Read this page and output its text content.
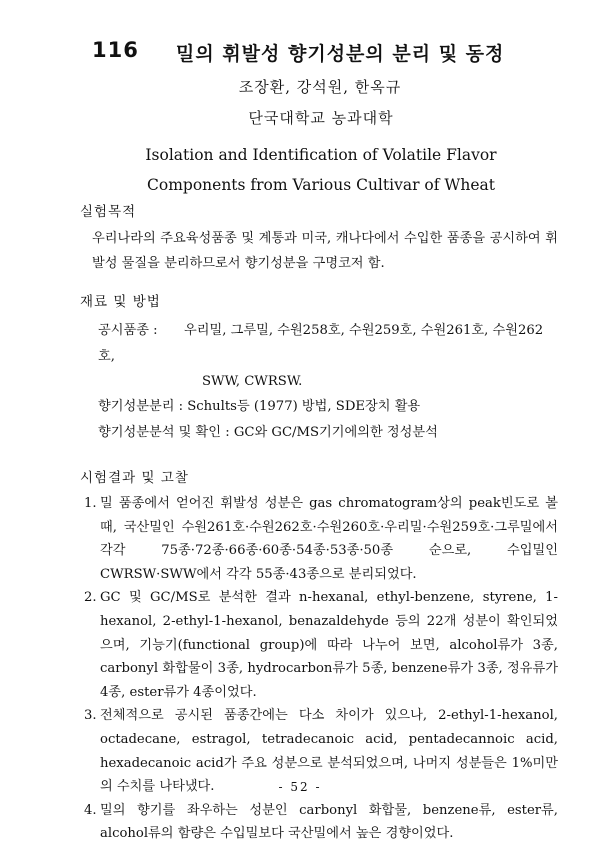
116 밀의 휘발성 향기성분의 분리 및 동정
조장환, 강석원, 한옥규
단국대학교 농과대학
Isolation and Identification of Volatile Flavor
Components from Various Cultivar of Wheat

실험목적

우리나라의 주요육성품종 및 계통과 미국, 캐나다에서 수입한 품종을 공시하여 휘발성 물질을 분리하므로서 향기성분을 구명코저 함.

재료 및 방법

공시품종 : 우리밀, 그루밀, 수원258호, 수원259호, 수원261호, 수원262호,
SWW, CWRSW.
향기성분분리 : Schults등 (1977) 방법, SDE장치 활용
향기성분분석 및 확인 : GC와 GC/MS기기에의한 정성분석

시험결과 및 고찰

1. 밀 품종에서 얻어진 휘발성 성분은 gas chromatogram상의 peak빈도로 볼 때, 국산밀인 수원261호·수원262호·수원260호·우리밀·수원259호·그루밀에서 각각 75종·72종·66종·60종·54종·53종·50종 순으로, 수입밀인 CWRSW·SWW에서 각각 55종·43종으로 분리되었다.
2. GC 및 GC/MS로 분석한 결과 n-hexanal, ethyl-benzene, styrene, 1-hexanol, 2-ethyl-1-hexanol, benazaldehyde 등의 22개 성분이 확인되었으며, 기능기(functional group)에 따라 나누어 보면, alcohol류가 3종, carbonyl 화합물이 3종, hydrocarbon류가 5종, benzene류가 3종, 정유류가 4종, ester류가 4종이었다.
3. 전체적으로 공시된 품종간에는 다소 차이가 있으나, 2-ethyl-1-hexanol, octadecane, estragol, tetradecanoic acid, pentadecannoic acid, hexadecanoic acid가 주요 성분으로 분석되었으며, 나머지 성분들은 1%미만의 수치를 나타냈다.
4. 밀의 향기를 좌우하는 성분인 carbonyl 화합물, benzene류, ester류, alcohol류의 함량은 수입밀보다 국산밀에서 높은 경향이었다.
- 52 -
